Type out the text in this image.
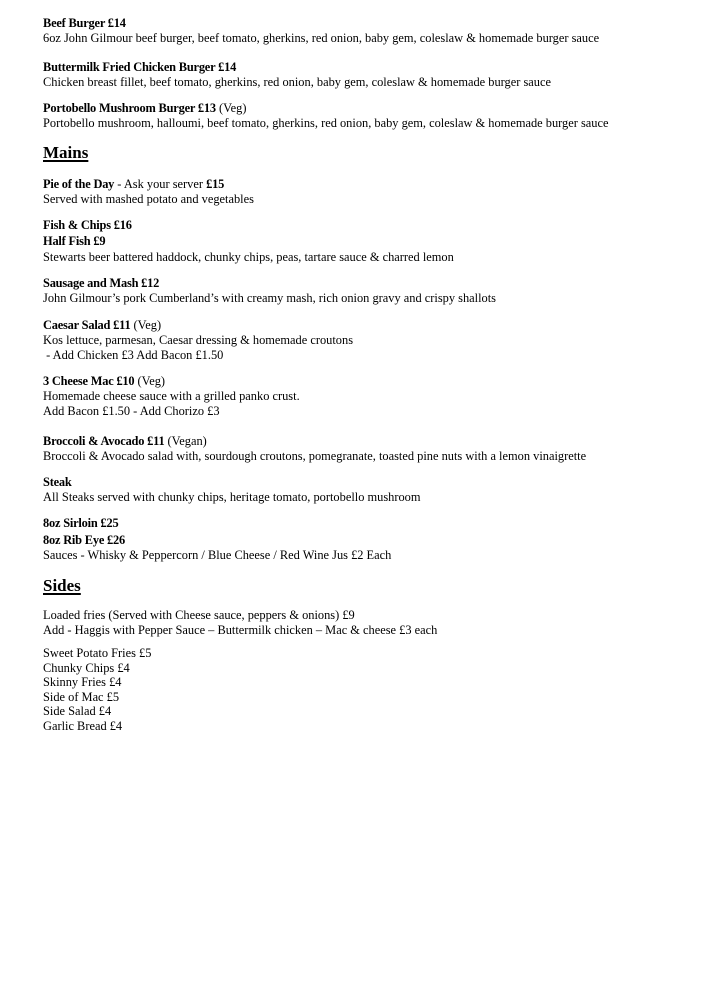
Beef Burger £14
6oz John Gilmour beef burger, beef tomato, gherkins, red onion, baby gem, coleslaw & homemade burger sauce
Buttermilk Fried Chicken Burger £14
Chicken breast fillet, beef tomato, gherkins, red onion, baby gem, coleslaw & homemade burger sauce
Portobello Mushroom Burger £13 (Veg)
Portobello mushroom, halloumi, beef tomato, gherkins, red onion, baby gem, coleslaw & homemade burger sauce
Mains
Pie of the Day - Ask your server £15
Served with mashed potato and vegetables
Fish & Chips £16
Half Fish £9
Stewarts beer battered haddock, chunky chips, peas, tartare sauce & charred lemon
Sausage and Mash £12
John Gilmour’s pork Cumberland’s with creamy mash, rich onion gravy and crispy shallots
Caesar Salad £11 (Veg)
Kos lettuce, parmesan, Caesar dressing & homemade croutons
- Add Chicken £3 Add Bacon £1.50
3 Cheese Mac £10 (Veg)
Homemade cheese sauce with a grilled panko crust.
Add Bacon £1.50 - Add Chorizo £3
Broccoli & Avocado £11 (Vegan)
Broccoli & Avocado salad with, sourdough croutons, pomegranate, toasted pine nuts with a lemon vinaigrette
Steak
All Steaks served with chunky chips, heritage tomato, portobello mushroom
8oz Sirloin £25
8oz Rib Eye £26
Sauces - Whisky & Peppercorn / Blue Cheese / Red Wine Jus £2 Each
Sides
Loaded fries (Served with Cheese sauce, peppers & onions) £9
Add - Haggis with Pepper Sauce – Buttermilk chicken – Mac & cheese £3 each
Sweet Potato Fries £5
Chunky Chips £4
Skinny Fries £4
Side of Mac £5
Side Salad £4
Garlic Bread £4
